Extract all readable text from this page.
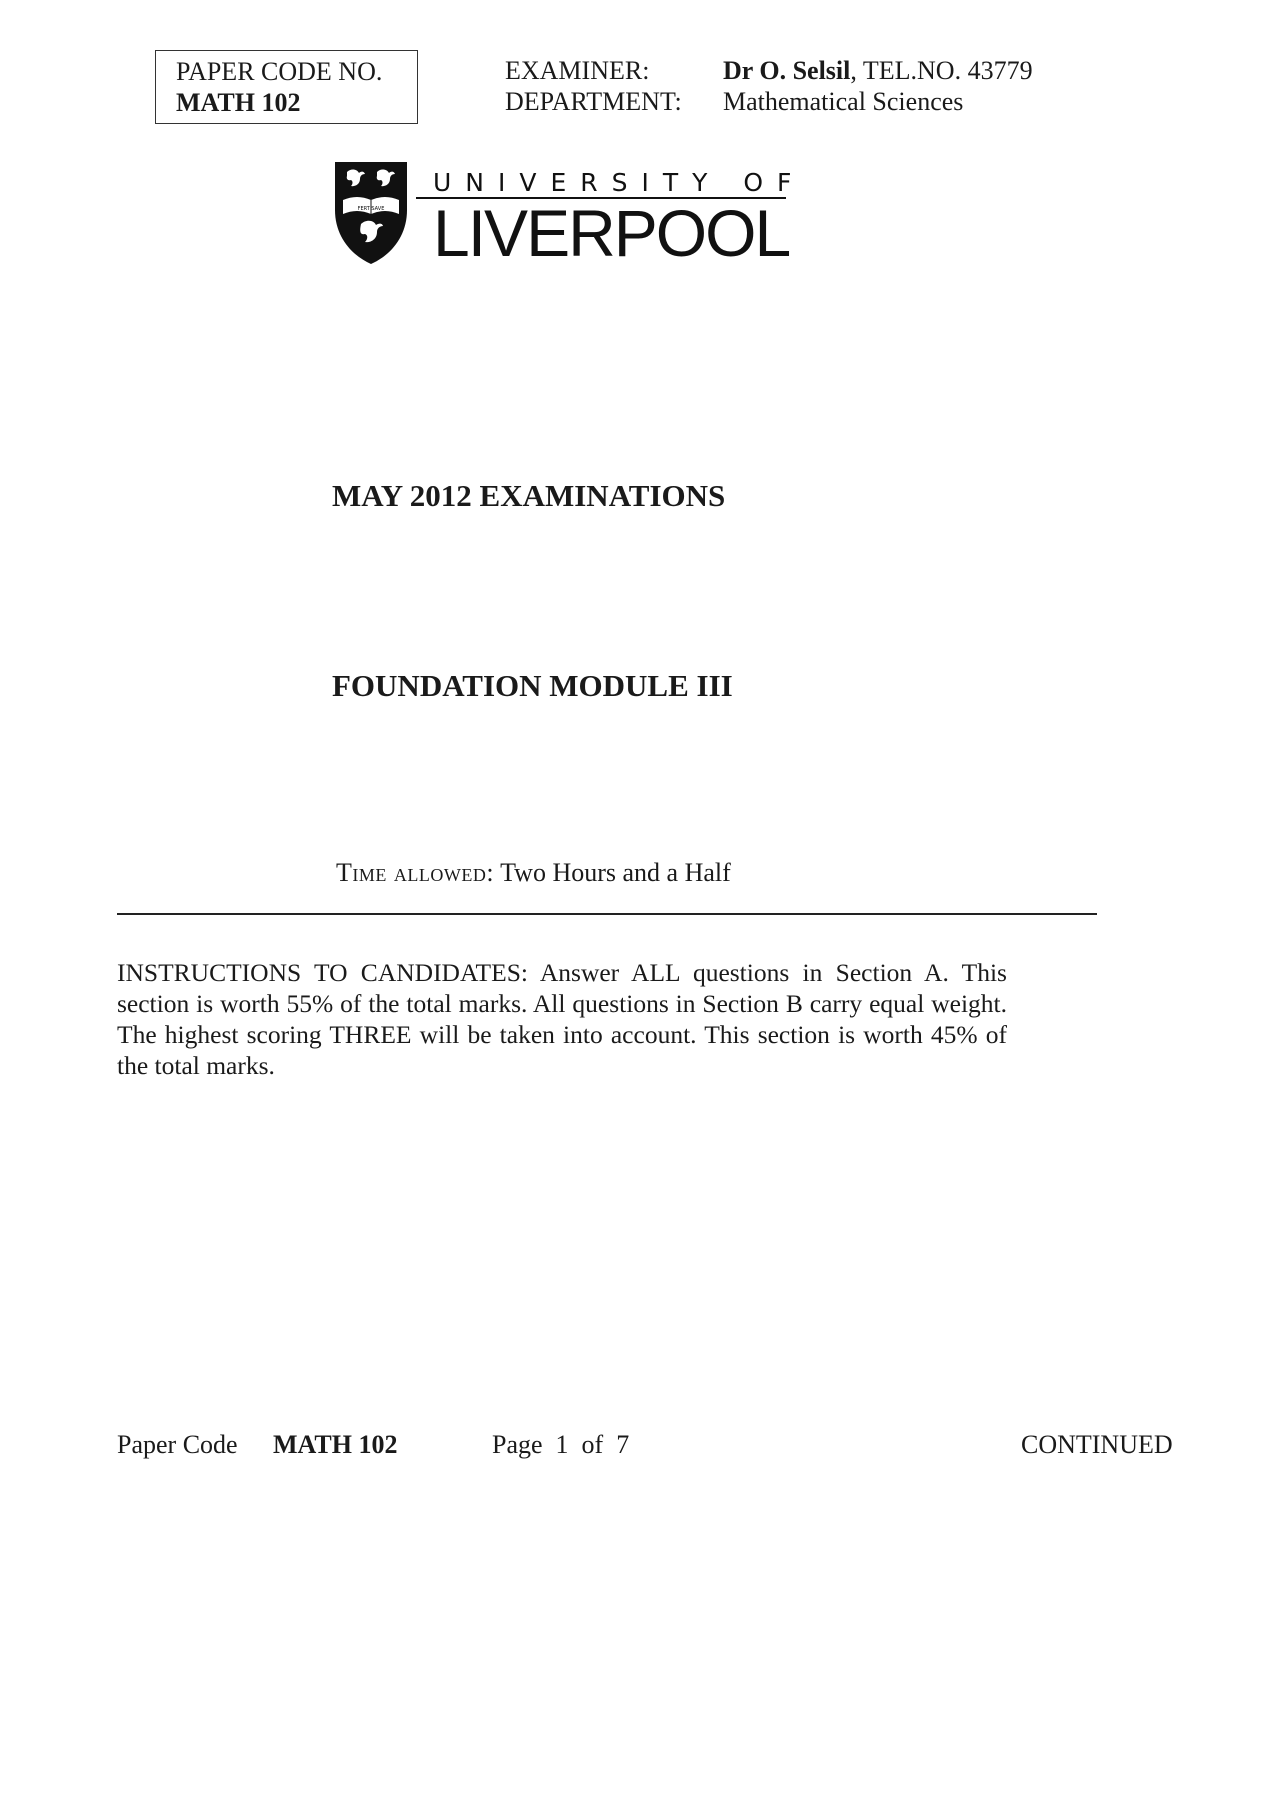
PAPER CODE NO.
MATH 102
EXAMINER:	Dr O. Selsil, TEL.NO. 43779
DEPARTMENT:	Mathematical Sciences
FERT SAVE
UNIVERSITY OF
LIVERPOOL
MAY 2012 EXAMINATIONS
FOUNDATION MODULE III
Time allowed: Two Hours and a Half
INSTRUCTIONS TO CANDIDATES: Answer ALL questions in Section A. This section is worth 55% of the total marks. All questions in Section B carry equal weight. The highest scoring THREE will be taken into account. This section is worth 45% of the total marks.
Paper Code MATH 102	Page  1  of  7	CONTINUED
